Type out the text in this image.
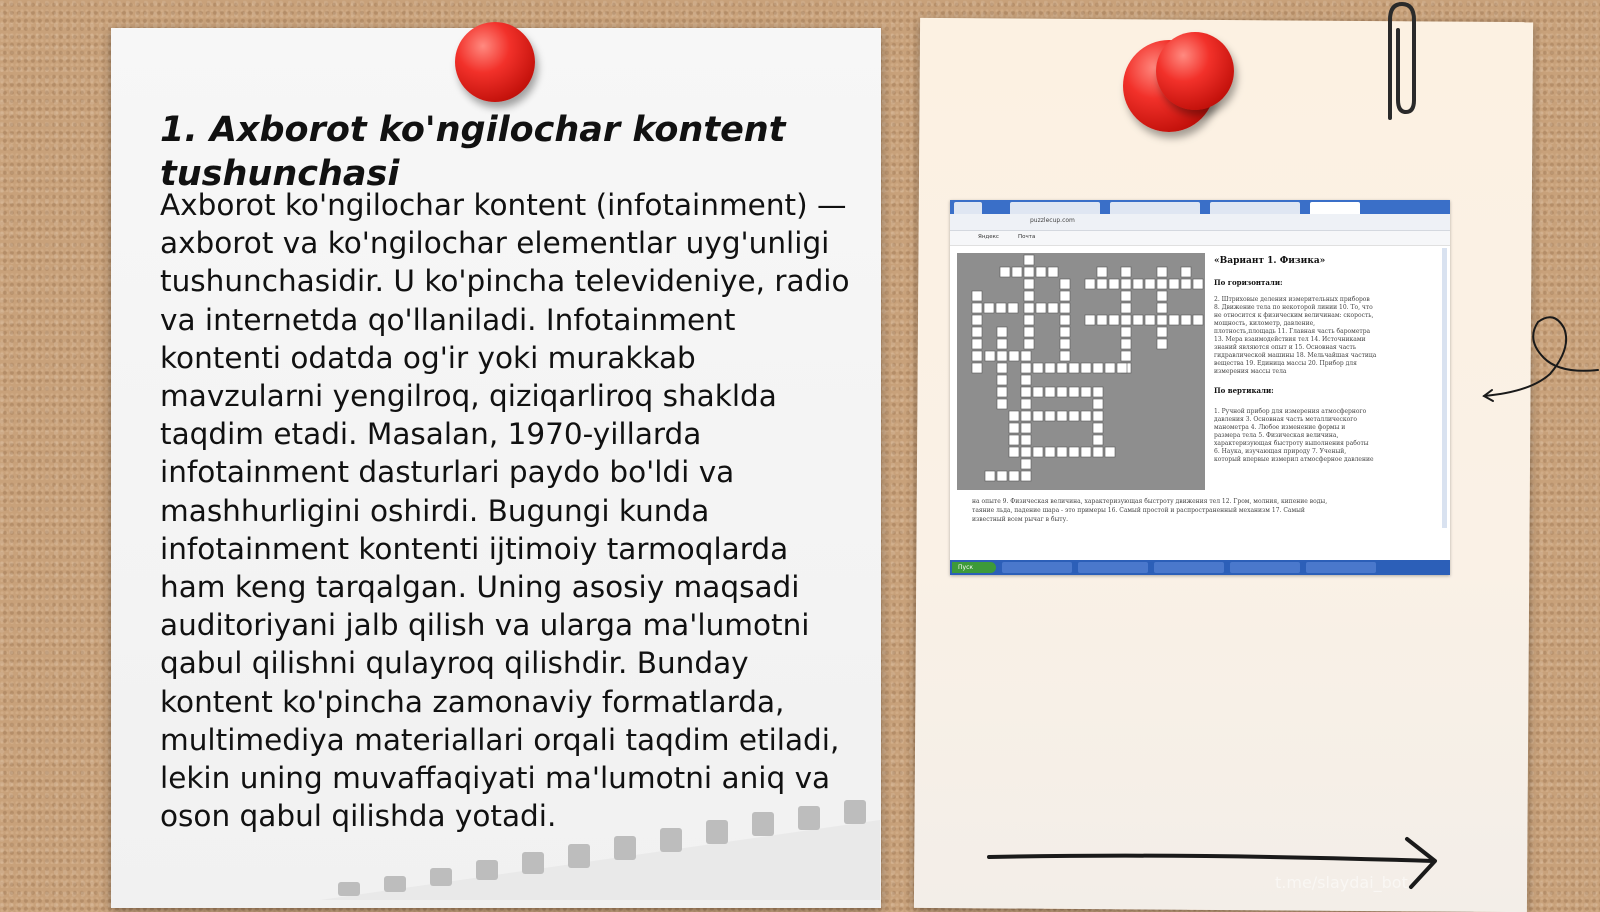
1. Axborot ko'ngilochar kontent tushunchasi

Axborot ko'ngilochar kontent (infotainment) — axborot va ko'ngilochar elementlar uyg'unligi tushunchasidir. U ko'pincha televideniye, radio va internetda qo'llaniladi. Infotainment kontenti odatda og'ir yoki murakkab mavzularni yengilroq, qiziqarliroq shaklda taqdim etadi. Masalan, 1970-yillarda infotainment dasturlari paydo bo'ldi va mashhurligini oshirdi. Bugungi kunda infotainment kontenti ijtimoiy tarmoqlarda ham keng tarqalgan. Uning asosiy maqsadi auditoriyani jalb qilish va ularga ma'lumotni qabul qilishni qulayroq qilishdir. Bunday kontent ko'pincha zamonaviy formatlarda, multimediya materiallari orqali taqdim etiladi, lekin uning muvaffaqiyati ma'lumotni aniq va oson qabul qilishda yotadi.

puzzlecup.com
Яндекс	Почта
«Вариант 1. Физика»
По горизонтали:
2. Штриховые деления измерительных приборов
8. Движение тела по некоторой линии 10. То, что
не относится к физическим величинам: скорость,
мощность, километр, давление,
плотность,площадь 11. Главная часть барометра
13. Мера взаимодействия тел 14. Источниками
знаний являются опыт и 15. Основная часть
гидравлической машины 18. Мельчайшая частица
вещества 19. Единица массы 20. Прибор для
измерения массы тела
По вертикали:
1. Ручной прибор для измерения атмосферного
давления 3. Основная часть металлического
манометра 4. Любое изменение формы и
размера тела 5. Физическая величина,
характеризующая быстроту выполнения работы
6. Наука, изучающая природу 7. Ученый,
который впервые измерил атмосферное давление
на опыте 9. Физическая величина, характеризующая быстроту движения тел 12. Гром, молния, кипение воды,
таяние льда, падение шара - это примеры 16. Самый простой и распространенный механизм 17. Самый
известный всем рычаг в быту.
Пуск
t.me/slaydai_bot
